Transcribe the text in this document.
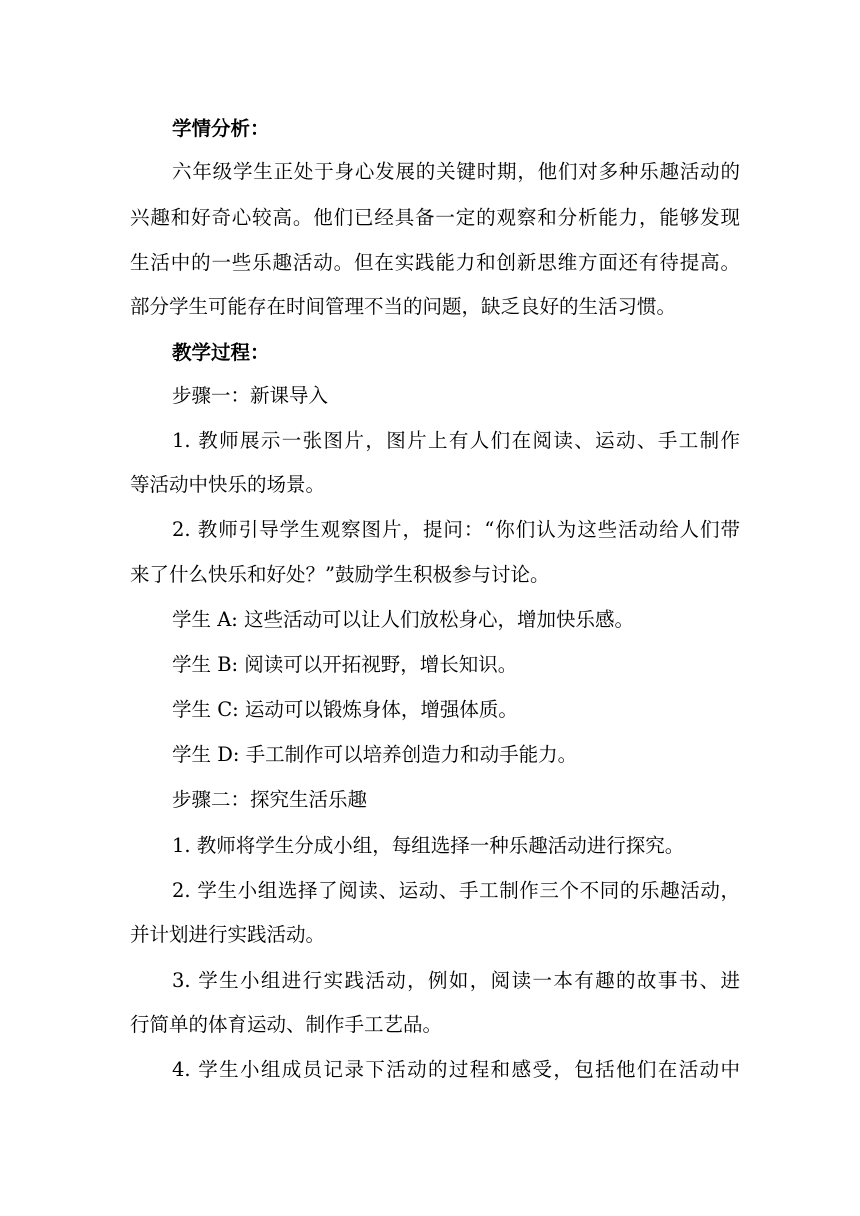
学情分析：
六年级学生正处于身心发展的关键时期，他们对多种乐趣活动的
兴趣和好奇心较高。他们已经具备一定的观察和分析能力，能够发现
生活中的一些乐趣活动。但在实践能力和创新思维方面还有待提高。
部分学生可能存在时间管理不当的问题，缺乏良好的生活习惯。
教学过程：
步骤一：新课导入
1. 教师展示一张图片，图片上有人们在阅读、运动、手工制作
等活动中快乐的场景。
2. 教师引导学生观察图片，提问：“你们认为这些活动给人们带
来了什么快乐和好处？”鼓励学生积极参与讨论。
学生 A: 这些活动可以让人们放松身心，增加快乐感。
学生 B: 阅读可以开拓视野，增长知识。
学生 C: 运动可以锻炼身体，增强体质。
学生 D: 手工制作可以培养创造力和动手能力。
步骤二：探究生活乐趣
1. 教师将学生分成小组，每组选择一种乐趣活动进行探究。
2. 学生小组选择了阅读、运动、手工制作三个不同的乐趣活动，
并计划进行实践活动。
3. 学生小组进行实践活动，例如，阅读一本有趣的故事书、进
行简单的体育运动、制作手工艺品。
4. 学生小组成员记录下活动的过程和感受，包括他们在活动中
